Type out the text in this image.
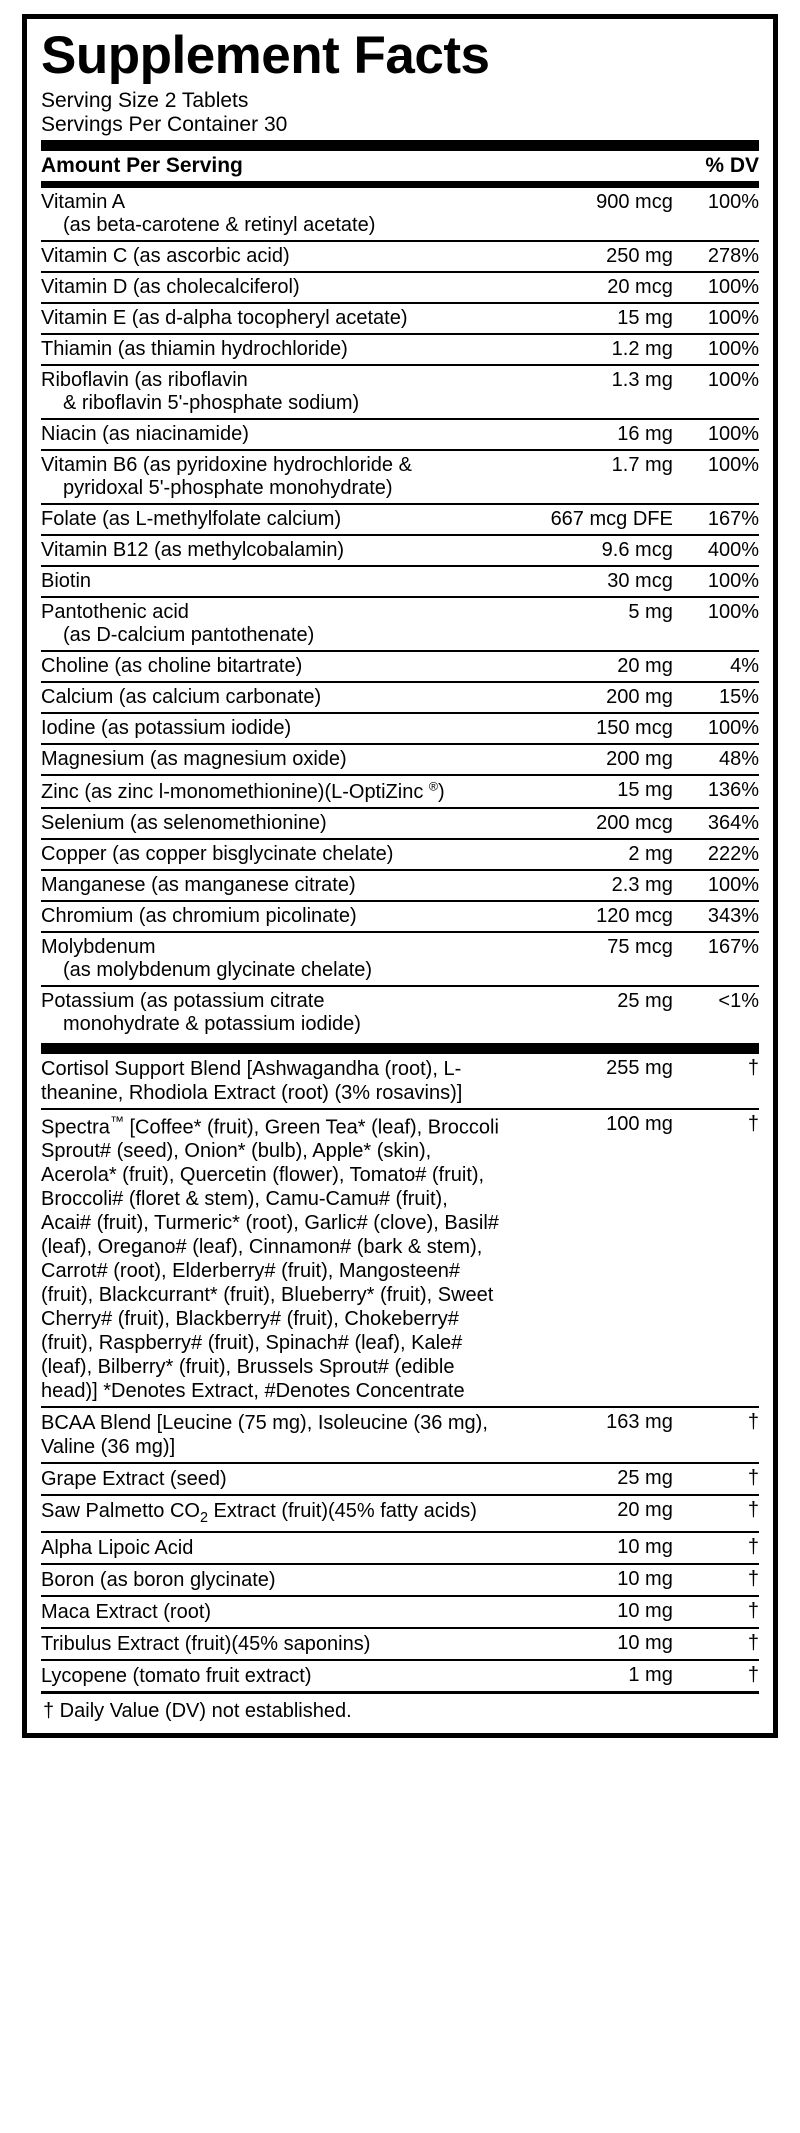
Supplement Facts
Serving Size 2 Tablets
Servings Per Container 30
Amount Per Serving		% DV
Vitamin A
(as beta-carotene & retinyl acetate)	900 mcg	100%
Vitamin C (as ascorbic acid)	250 mg	278%
Vitamin D (as cholecalciferol)	20 mcg	100%
Vitamin E (as d-alpha tocopheryl acetate)	15 mg	100%
Thiamin (as thiamin hydrochloride)	1.2 mg	100%
Riboflavin (as riboflavin
& riboflavin 5'-phosphate sodium)	1.3 mg	100%
Niacin (as niacinamide)	16 mg	100%
Vitamin B6 (as pyridoxine hydrochloride &
pyridoxal 5'-phosphate monohydrate)	1.7 mg	100%
Folate (as L-methylfolate calcium)	667 mcg DFE	167%
Vitamin B12 (as methylcobalamin)	9.6 mcg	400%
Biotin	30 mcg	100%
Pantothenic acid
(as D-calcium pantothenate)	5 mg	100%
Choline (as choline bitartrate)	20 mg	4%
Calcium (as calcium carbonate)	200 mg	15%
Iodine (as potassium iodide)	150 mcg	100%
Magnesium (as magnesium oxide)	200 mg	48%
Zinc (as zinc l-monomethionine)(L-OptiZinc ®)	15 mg	136%
Selenium (as selenomethionine)	200 mcg	364%
Copper (as copper bisglycinate chelate)	2 mg	222%
Manganese (as manganese citrate)	2.3 mg	100%
Chromium (as chromium picolinate)	120 mcg	343%
Molybdenum
(as molybdenum glycinate chelate)	75 mcg	167%
Potassium (as potassium citrate
monohydrate & potassium iodide)	25 mg	<1%
Cortisol Support Blend [Ashwagandha (root), L-theanine, Rhodiola Extract (root) (3% rosavins)]	255 mg	†
Spectra™ [Coffee* (fruit), Green Tea* (leaf), Broccoli Sprout# (seed), Onion* (bulb), Apple* (skin), Acerola* (fruit), Quercetin (flower), Tomato# (fruit), Broccoli# (floret & stem), Camu-Camu# (fruit), Acai# (fruit), Turmeric* (root), Garlic# (clove), Basil# (leaf), Oregano# (leaf), Cinnamon# (bark & stem), Carrot# (root), Elderberry# (fruit), Mangosteen# (fruit), Blackcurrant* (fruit), Blueberry* (fruit), Sweet Cherry# (fruit), Blackberry# (fruit), Chokeberry# (fruit), Raspberry# (fruit), Spinach# (leaf), Kale# (leaf), Bilberry* (fruit), Brussels Sprout# (edible head)] *Denotes Extract, #Denotes Concentrate	100 mg	†
BCAA Blend [Leucine (75 mg), Isoleucine (36 mg), Valine (36 mg)]	163 mg	†
Grape Extract (seed)	25 mg	†
Saw Palmetto $CO_2$ Extract (fruit)(45% fatty acids)	20 mg	†
Alpha Lipoic Acid	10 mg	†
Boron (as boron glycinate)	10 mg	†
Maca Extract (root)	10 mg	†
Tribulus Extract (fruit)(45% saponins)	10 mg	†
Lycopene (tomato fruit extract)	1 mg	†
† Daily Value (DV) not established.
